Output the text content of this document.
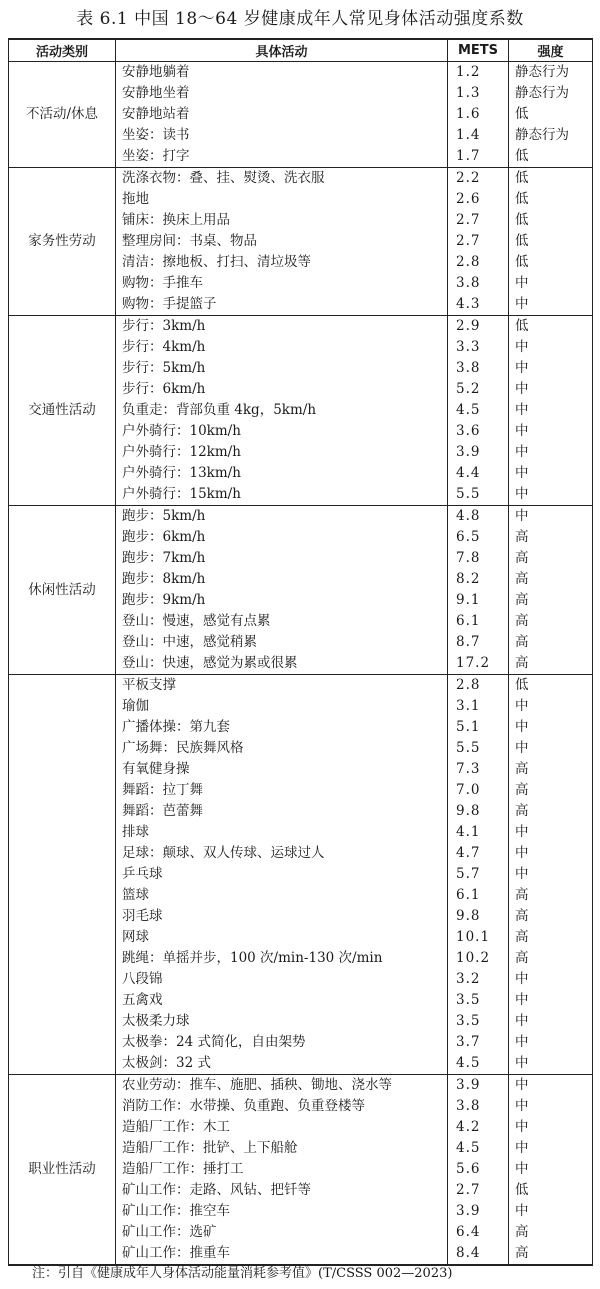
表 6.1 中国 18～64 岁健康成年人常见身体活动强度系数
活动类别	具体活动	METS	强度
不活动/休息	安静地躺着	1.2	静态行为
	安静地坐着	1.3	静态行为
	安静地站着	1.6	低
	坐姿：读书	1.4	静态行为
	坐姿：打字	1.7	低
家务性劳动	洗涤衣物：叠、挂、熨烫、洗衣服	2.2	低
	拖地	2.6	低
	铺床：换床上用品	2.7	低
	整理房间：书桌、物品	2.7	低
	清洁：擦地板、打扫、清垃圾等	2.8	低
	购物：手推车	3.8	中
	购物：手提篮子	4.3	中
交通性活动	步行：3km/h	2.9	低
	步行：4km/h	3.3	中
	步行：5km/h	3.8	中
	步行：6km/h	5.2	中
	负重走：背部负重 4kg，5km/h	4.5	中
	户外骑行：10km/h	3.6	中
	户外骑行：12km/h	3.9	中
	户外骑行：13km/h	4.4	中
	户外骑行：15km/h	5.5	中
休闲性活动	跑步：5km/h	4.8	中
	跑步：6km/h	6.5	高
	跑步：7km/h	7.8	高
	跑步：8km/h	8.2	高
	跑步：9km/h	9.1	高
	登山：慢速，感觉有点累	6.1	高
	登山：中速，感觉稍累	8.7	高
	登山：快速，感觉为累或很累	17.2	高
	平板支撑	2.8	低
	瑜伽	3.1	中
	广播体操：第九套	5.1	中
	广场舞：民族舞风格	5.5	中
	有氧健身操	7.3	高
	舞蹈：拉丁舞	7.0	高
	舞蹈：芭蕾舞	9.8	高
	排球	4.1	中
	足球：颠球、双人传球、运球过人	4.7	中
	乒乓球	5.7	中
	篮球	6.1	高
	羽毛球	9.8	高
	网球	10.1	高
	跳绳：单摇并步，100 次/min-130 次/min	10.2	高
	八段锦	3.2	中
	五禽戏	3.5	中
	太极柔力球	3.5	中
	太极拳：24 式简化，自由架势	3.7	中
	太极剑：32 式	4.5	中
职业性活动	农业劳动：推车、施肥、插秧、锄地、浇水等	3.9	中
	消防工作：水带操、负重跑、负重登楼等	3.8	中
	造船厂工作：木工	4.2	中
	造船厂工作：批铲、上下船舱	4.5	中
	造船厂工作：捶打工	5.6	中
	矿山工作：走路、风钻、把钎等	2.7	低
	矿山工作：推空车	3.9	中
	矿山工作：选矿	6.4	高
	矿山工作：推重车	8.4	高
注：引自《健康成年人身体活动能量消耗参考值》(T/CSSS 002—2023)
